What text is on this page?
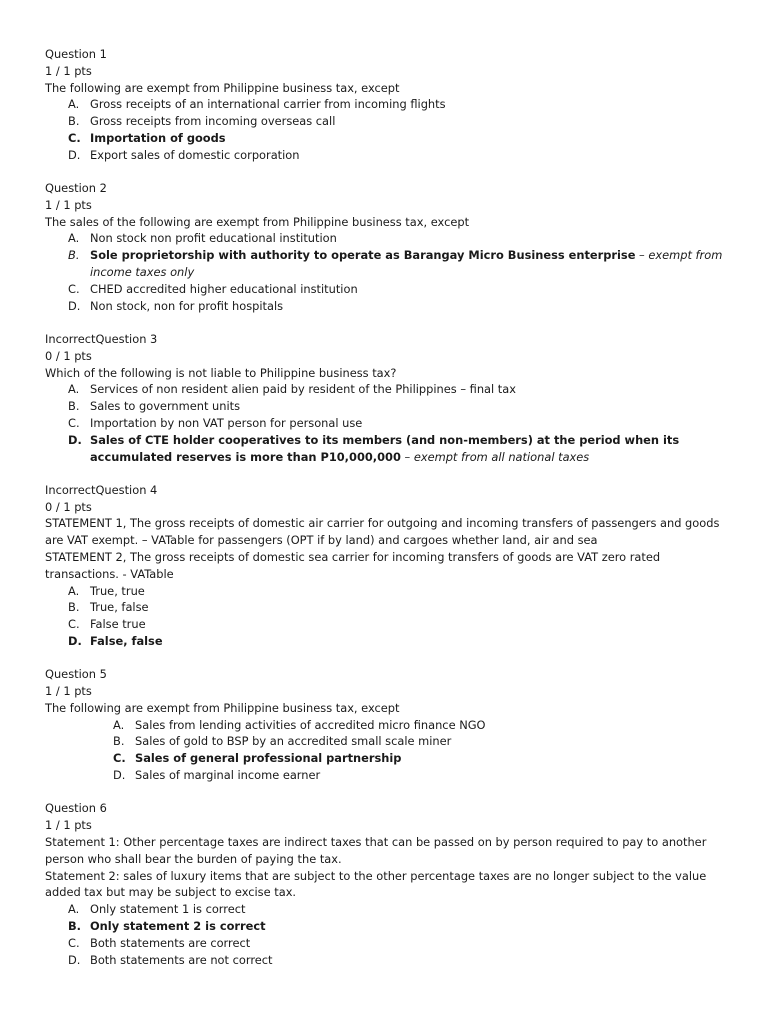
Question 1
1 / 1 pts
The following are exempt from Philippine business tax, except
A. Gross receipts of an international carrier from incoming flights
B. Gross receipts from incoming overseas call
C. Importation of goods
D. Export sales of domestic corporation
Question 2
1 / 1 pts
The sales of the following are exempt from Philippine business tax, except
A. Non stock non profit educational institution
B. Sole proprietorship with authority to operate as Barangay Micro Business enterprise – exempt from income taxes only
C. CHED accredited higher educational institution
D. Non stock, non for profit hospitals
IncorrectQuestion 3
0 / 1 pts
Which of the following is not liable to Philippine business tax?
A. Services of non resident alien paid by resident of the Philippines – final tax
B. Sales to government units
C. Importation by non VAT person for personal use
D. Sales of CTE holder cooperatives to its members (and non-members) at the period when its accumulated reserves is more than P10,000,000 – exempt from all national taxes
IncorrectQuestion 4
0 / 1 pts
STATEMENT 1, The gross receipts of domestic air carrier for outgoing and incoming transfers of passengers and goods are VAT exempt. – VATable for passengers (OPT if by land) and cargoes whether land, air and sea
STATEMENT 2, The gross receipts of domestic sea carrier for incoming transfers of goods are VAT zero rated transactions. - VATable
A. True, true
B. True, false
C. False true
D. False, false
Question 5
1 / 1 pts
The following are exempt from Philippine business tax, except
A. Sales from lending activities of accredited micro finance NGO
B. Sales of gold to BSP by an accredited small scale miner
C. Sales of general professional partnership
D. Sales of marginal income earner
Question 6
1 / 1 pts
Statement 1: Other percentage taxes are indirect taxes that can be passed on by person required to pay to another person who shall bear the burden of paying the tax.
Statement 2: sales of luxury items that are subject to the other percentage taxes are no longer subject to the value added tax but may be subject to excise tax.
A. Only statement 1 is correct
B. Only statement 2 is correct
C. Both statements are correct
D. Both statements are not correct
